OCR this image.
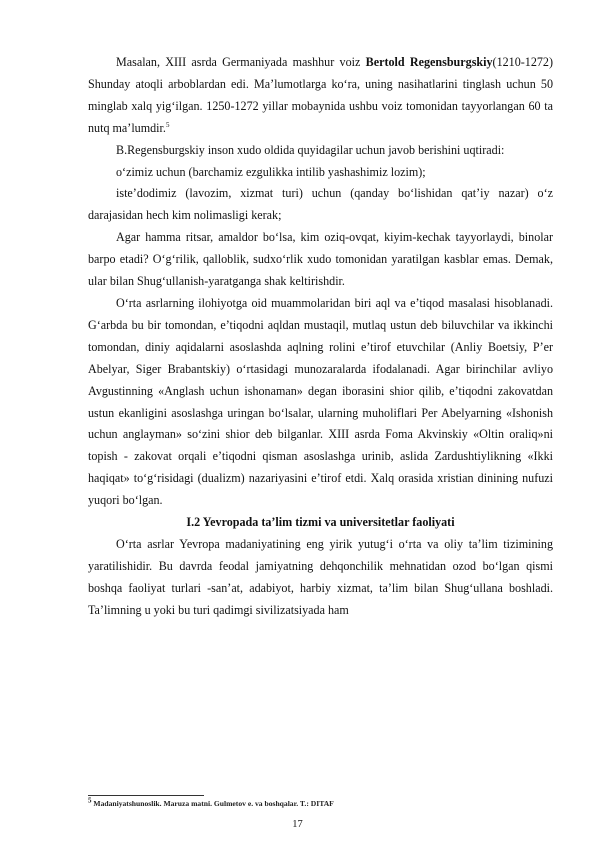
Masalan, XIII asrda Germaniyada mashhur voiz Bertold Regensburgskiy(1210-1272) Shunday atoqli arboblardan edi. Ma’lumotlarga ko‘ra, uning nasihatlarini tinglash uchun 50 minglab xalq yig‘ilgan. 1250-1272 yillar mobaynida ushbu voiz tomonidan tayyorlangan 60 ta nutq ma’lumdir.$^5$

B.Regensburgskiy inson xudo oldida quyidagilar uchun javob berishini uqtiradi:

o‘zimiz uchun (barchamiz ezgulikka intilib yashashimiz lozim);

iste’dodimiz (lavozim, xizmat turi) uchun (qanday bo‘lishidan qat’iy nazar) o‘z darajasidan hech kim nolimasligi kerak;

Agar hamma ritsar, amaldor bo‘lsa, kim oziq-ovqat, kiyim-kechak tayyorlaydi, binolar barpo etadi? O‘g‘rilik, qalloblik, sudxo‘rlik xudo tomonidan yaratilgan kasblar emas. Demak, ular bilan Shug‘ullanish-yaratganga shak keltirishdir.

O‘rta asrlarning ilohiyotga oid muammolaridan biri aql va e’tiqod masalasi hisoblanadi. G‘arbda bu bir tomondan, e’tiqodni aqldan mustaqil, mutlaq ustun deb biluvchilar va ikkinchi tomondan, diniy aqidalarni asoslashda aqlning rolini e’tirof etuvchilar (Anliy Boetsiy, P’er Abelyar, Siger Brabantskiy) o‘rtasidagi munozaralarda ifodalanadi. Agar birinchilar avliyo Avgustinning «Anglash uchun ishonaman» degan iborasini shior qilib, e’tiqodni zakovatdan ustun ekanligini asoslashga uringan bo‘lsalar, ularning muholiflari Per Abelyarning «Ishonish uchun anglayman» so‘zini shior deb bilganlar. XIII asrda Foma Akvinskiy «Oltin oraliq»ni topish - zakovat orqali e’tiqodni qisman asoslashga urinib, aslida Zardushtiylikning «Ikki haqiqat» to‘g‘risidagi (dualizm) nazariyasini e’tirof etdi. Xalq orasida xristian dinining nufuzi yuqori bo‘lgan.

I.2 Yevropada ta’lim tizmi va universitetlar faoliyati

O‘rta asrlar Yevropa madaniyatining eng yirik yutug‘i o‘rta va oliy ta’lim tizimining yaratilishidir. Bu davrda feodal jamiyatning dehqonchilik mehnatidan ozod bo‘lgan qismi boshqa faoliyat turlari -san’at, adabiyot, harbiy xizmat, ta’lim bilan Shug‘ullana boshladi. Ta’limning u yoki bu turi qadimgi sivilizatsiyada ham

$^5$ Madaniyatshunoslik. Maruza matni. Gulmetov e. va boshqalar. T.: DITAF
17
